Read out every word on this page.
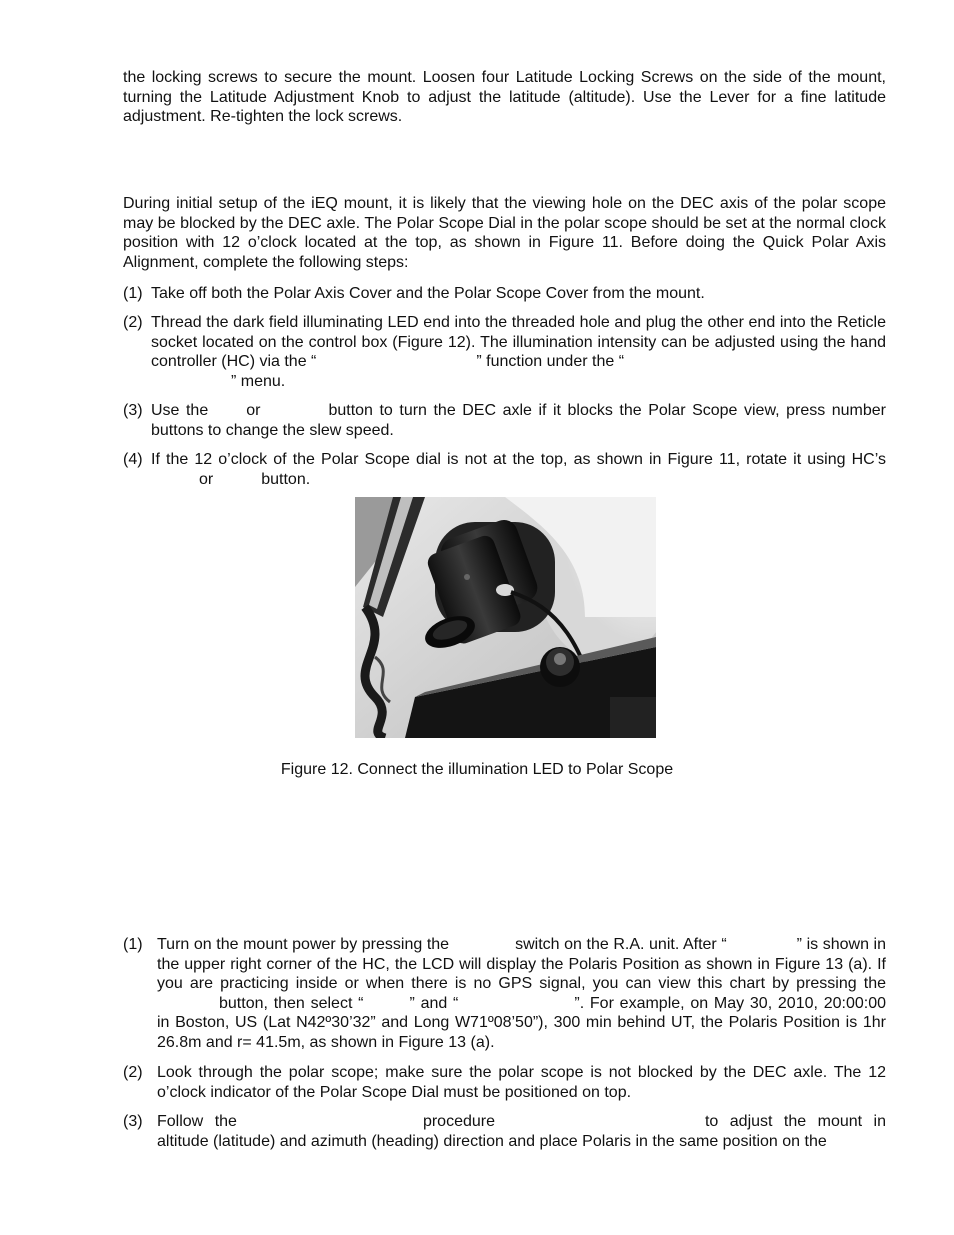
the locking screws to secure the mount. Loosen four Latitude Locking Screws on the side of the mount, turning the Latitude Adjustment Knob to adjust the latitude (altitude). Use the Lever for a fine latitude adjustment. Re-tighten the lock screws.

During initial setup of the iEQ mount, it is likely that the viewing hole on the DEC axis of the polar scope may be blocked by the DEC axle. The Polar Scope Dial in the polar scope should be set at the normal clock position with 12 o’clock located at the top, as shown in Figure 11. Before doing the Quick Polar Axis Alignment, complete the following steps:

(1) Take off both the Polar Axis Cover and the Polar Scope Cover from the mount.
(2) Thread the dark field illuminating LED end into the threaded hole and plug the other end into the Reticle socket located on the control box (Figure 12). The illumination intensity can be adjusted using the hand controller (HC) via the “	” function under the “
” menu.
(3) Use the or	button to turn the DEC axle if it blocks the Polar Scope view, press number buttons to change the slew speed.
(4) If the 12 o’clock of the Polar Scope dial is not at the top, as shown in Figure 11, rotate it using HC’sor	button.

Figure 12. Connect the illumination LED to Polar Scope

(1) Turn on the mount power by pressing the	switch on the R.A. unit. After “	” is shown in the upper right corner of the HC, the LCD will display the Polaris Position as shown in Figure 13 (a). If you are practicing inside or when there is no GPS signal, you can view this chart by pressing thebutton, then select “	” and “	”. For example, on May 30, 2010, 20:00:00 in Boston, US (Lat N42º30’32” and Long W71º08’50”), 300 min behind UT, the Polaris Position is 1hr 26.8m and r= 41.5m, as shown in Figure 13 (a).
(2) Look through the polar scope; make sure the polar scope is not blocked by the DEC axle. The 12 o’clock indicator of the Polar Scope Dial must be positioned on top.
(3) Follow the	procedure	to adjust the mount in altitude (latitude) and azimuth (heading) direction and place Polaris in the same position on the
